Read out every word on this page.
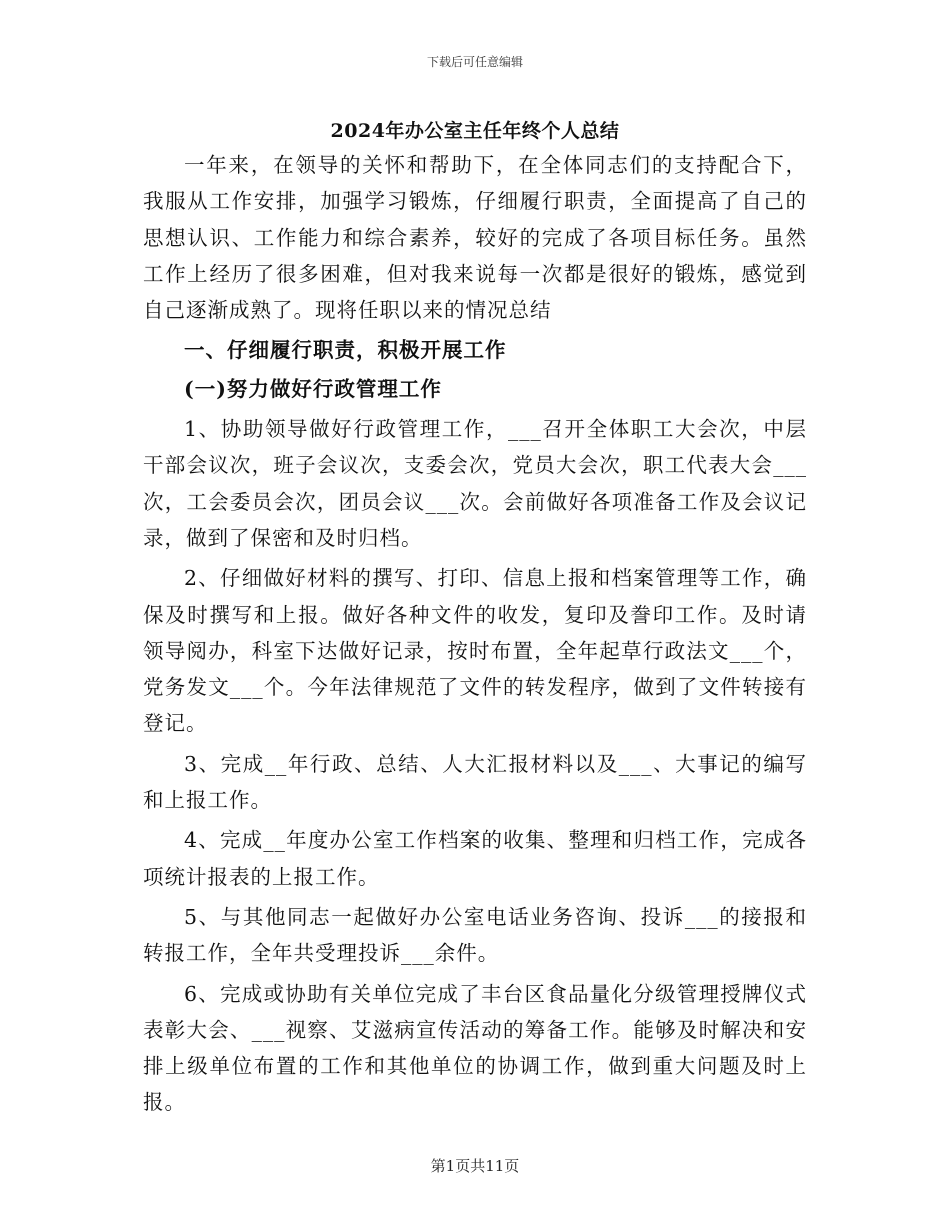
下载后可任意编辑
2024年办公室主任年终个人总结

一年来，在领导的关怀和帮助下，在全体同志们的支持配合下，我服从工作安排，加强学习锻炼，仔细履行职责，全面提高了自己的思想认识、工作能力和综合素养，较好的完成了各项目标任务。虽然工作上经历了很多困难，但对我来说每一次都是很好的锻炼，感觉到自己逐渐成熟了。现将任职以来的情况总结

一、仔细履行职责，积极开展工作

(一)努力做好行政管理工作

1、协助领导做好行政管理工作，___召开全体职工大会次，中层干部会议次，班子会议次，支委会次，党员大会次，职工代表大会___次，工会委员会次，团员会议___次。会前做好各项准备工作及会议记录，做到了保密和及时归档。

2、仔细做好材料的撰写、打印、信息上报和档案管理等工作，确保及时撰写和上报。做好各种文件的收发，复印及誊印工作。及时请领导阅办，科室下达做好记录，按时布置，全年起草行政法文___个，党务发文___个。今年法律规范了文件的转发程序，做到了文件转接有登记。

3、完成__年行政、总结、人大汇报材料以及___、大事记的编写和上报工作。

4、完成__年度办公室工作档案的收集、整理和归档工作，完成各项统计报表的上报工作。

5、与其他同志一起做好办公室电话业务咨询、投诉___的接报和转报工作，全年共受理投诉___余件。

6、完成或协助有关单位完成了丰台区食品量化分级管理授牌仪式表彰大会、___视察、艾滋病宣传活动的筹备工作。能够及时解决和安排上级单位布置的工作和其他单位的协调工作，做到重大问题及时上报。

第1页共11页
